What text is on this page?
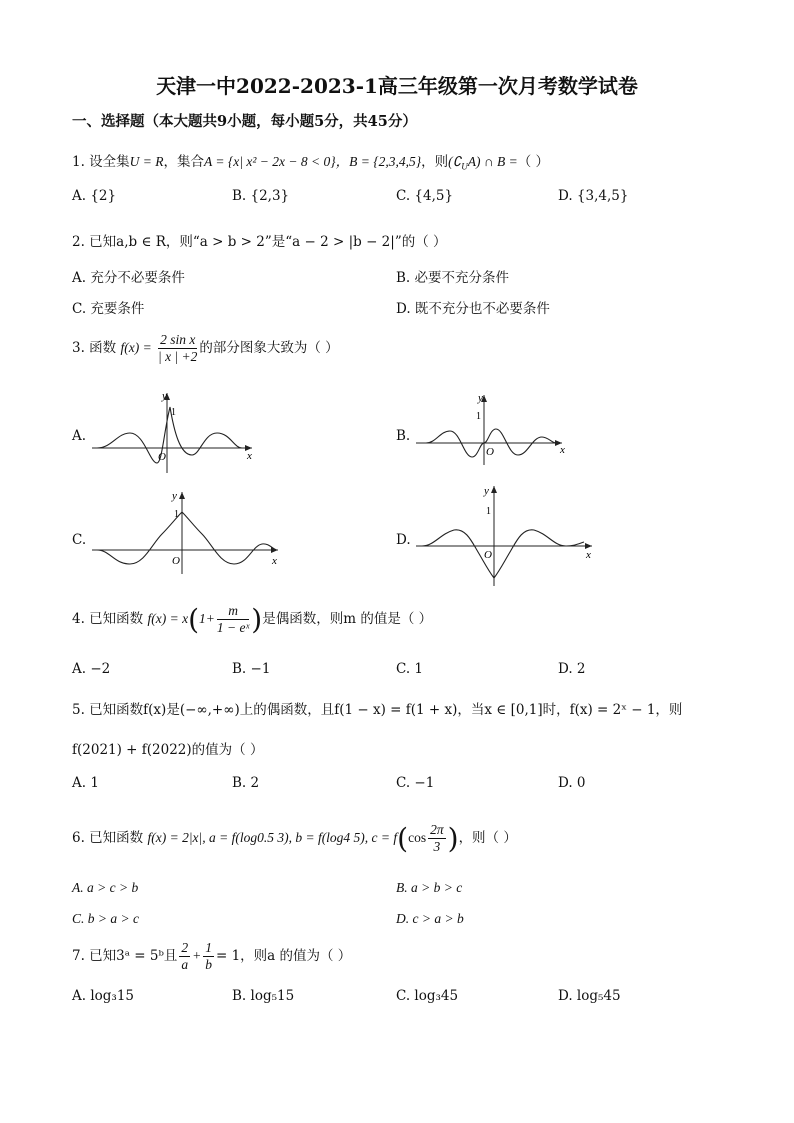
天津一中2022-2023-1高三年级第一次月考数学试卷
一、选择题（本大题共9小题，每小题5分，共45分）
1. 设全集U = R，集合A = {x| x² − 2x − 8 < 0}，B = {2,3,4,5}，则$(∁_UA)$ ∩ B =（ ）
A. {2}	B. {2,3}	C. {4,5}	D. {3,4,5}
2. 已知a,b ∈ R，则“a > b > 2”是“a − 2 > |b − 2|”的（ ）
A. 充分不必要条件	B. 必要不充分条件
C. 充要条件	D. 既不充分也不必要条件
3. 函数 $f(x) = \frac{\text{2 sin x}}{| x | +2}$ 的部分图象大致为（ ）
A.	B.
C.	D.
y
1
O	x
y
1
O	x
y
1
O	x
y
1
O	x
4. 已知函数 $f(x) = x(1+ \frac{m}{\text{1 − eˣ}}$ )是偶函数，则m 的值是（ ）
A. −2	B. −1	C. 1	D. 2
5. 已知函数f(x)是(−∞,+∞)上的偶函数，且f(1 − x) = f(1 + x)，当x ∈ [0,1]时，f(x) = 2ˣ − 1，则
f(2021) + f(2022)的值为（ ）
A. 1	B. 2	C. −1	D. 0
6. 已知函数 f(x) = 2|x|, a = f(log0.5 3), b = f(log4 5), $c = f(\cos \frac{2\pi}{3}$ )，则（ ）
A. a > c > b	B. a > b > c
C. b > a > c	D. c > a > b
7. 已知3ᵃ = 5ᵇ且 $\frac{2}{a} + \frac{1}{b} = 1$，则a 的值为（ ）
A. log₃15	B. log₅15	C. log₃45	D. log₅45
